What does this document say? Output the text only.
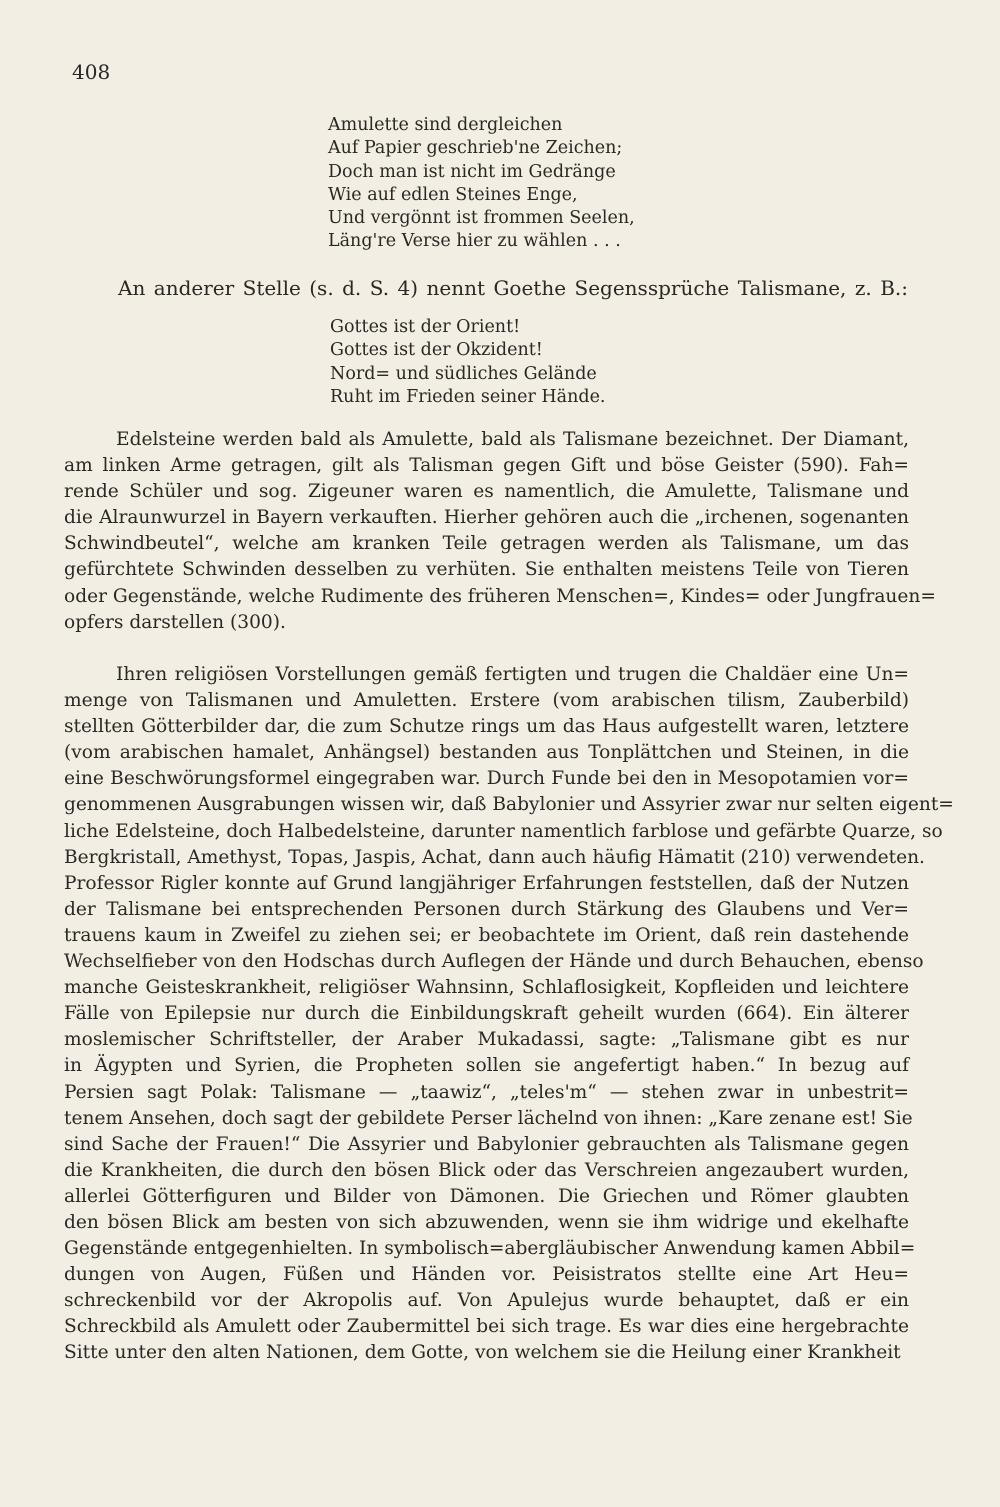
408
Amulette sind dergleichen
Auf Papier geschrieb'ne Zeichen;
Doch man ist nicht im Gedränge
Wie auf edlen Steines Enge,
Und vergönnt ist frommen Seelen,
Läng're Verse hier zu wählen . . .
An anderer Stelle (s. d. S. 4) nennt Goethe Segenssprüche Talismane, z. B.:
Gottes ist der Orient!
Gottes ist der Okzident!
Nord= und südliches Gelände
Ruht im Frieden seiner Hände.
Edelsteine werden bald als Amulette, bald als Talismane bezeichnet. Der Diamant,
am linken Arme getragen, gilt als Talisman gegen Gift und böse Geister (590). Fah=
rende Schüler und sog. Zigeuner waren es namentlich, die Amulette, Talismane und
die Alraunwurzel in Bayern verkauften. Hierher gehören auch die „irchenen, sogenanten
Schwindbeutel“, welche am kranken Teile getragen werden als Talismane, um das
gefürchtete Schwinden desselben zu verhüten. Sie enthalten meistens Teile von Tieren
oder Gegenstände, welche Rudimente des früheren Menschen=, Kindes= oder Jungfrauen=
opfers darstellen (300).
Ihren religiösen Vorstellungen gemäß fertigten und trugen die Chaldäer eine Un=
menge von Talismanen und Amuletten. Erstere (vom arabischen tilism, Zauberbild)
stellten Götterbilder dar, die zum Schutze rings um das Haus aufgestellt waren, letztere
(vom arabischen hamalet, Anhängsel) bestanden aus Tonplättchen und Steinen, in die
eine Beschwörungsformel eingegraben war. Durch Funde bei den in Mesopotamien vor=
genommenen Ausgrabungen wissen wir, daß Babylonier und Assyrier zwar nur selten eigent=
liche Edelsteine, doch Halbedelsteine, darunter namentlich farblose und gefärbte Quarze, so
Bergkristall, Amethyst, Topas, Jaspis, Achat, dann auch häufig Hämatit (210) verwendeten.
Professor Rigler konnte auf Grund langjähriger Erfahrungen feststellen, daß der Nutzen
der Talismane bei entsprechenden Personen durch Stärkung des Glaubens und Ver=
trauens kaum in Zweifel zu ziehen sei; er beobachtete im Orient, daß rein dastehende
Wechselfieber von den Hodschas durch Auflegen der Hände und durch Behauchen, ebenso
manche Geisteskrankheit, religiöser Wahnsinn, Schlaflosigkeit, Kopfleiden und leichtere
Fälle von Epilepsie nur durch die Einbildungskraft geheilt wurden (664). Ein älterer
moslemischer Schriftsteller, der Araber Mukadassi, sagte: „Talismane gibt es nur
in Ägypten und Syrien, die Propheten sollen sie angefertigt haben.“ In bezug auf
Persien sagt Polak: Talismane — „taawiz“, „teles'm“ — stehen zwar in unbestrit=
tenem Ansehen, doch sagt der gebildete Perser lächelnd von ihnen: „Kare zenane est! Sie
sind Sache der Frauen!“ Die Assyrier und Babylonier gebrauchten als Talismane gegen
die Krankheiten, die durch den bösen Blick oder das Verschreien angezaubert wurden,
allerlei Götterfiguren und Bilder von Dämonen. Die Griechen und Römer glaubten
den bösen Blick am besten von sich abzuwenden, wenn sie ihm widrige und ekelhafte
Gegenstände entgegenhielten. In symbolisch=abergläubischer Anwendung kamen Abbil=
dungen von Augen, Füßen und Händen vor. Peisistratos stellte eine Art Heu=
schreckenbild vor der Akropolis auf. Von Apulejus wurde behauptet, daß er ein
Schreckbild als Amulett oder Zaubermittel bei sich trage. Es war dies eine hergebrachte
Sitte unter den alten Nationen, dem Gotte, von welchem sie die Heilung einer Krankheit
